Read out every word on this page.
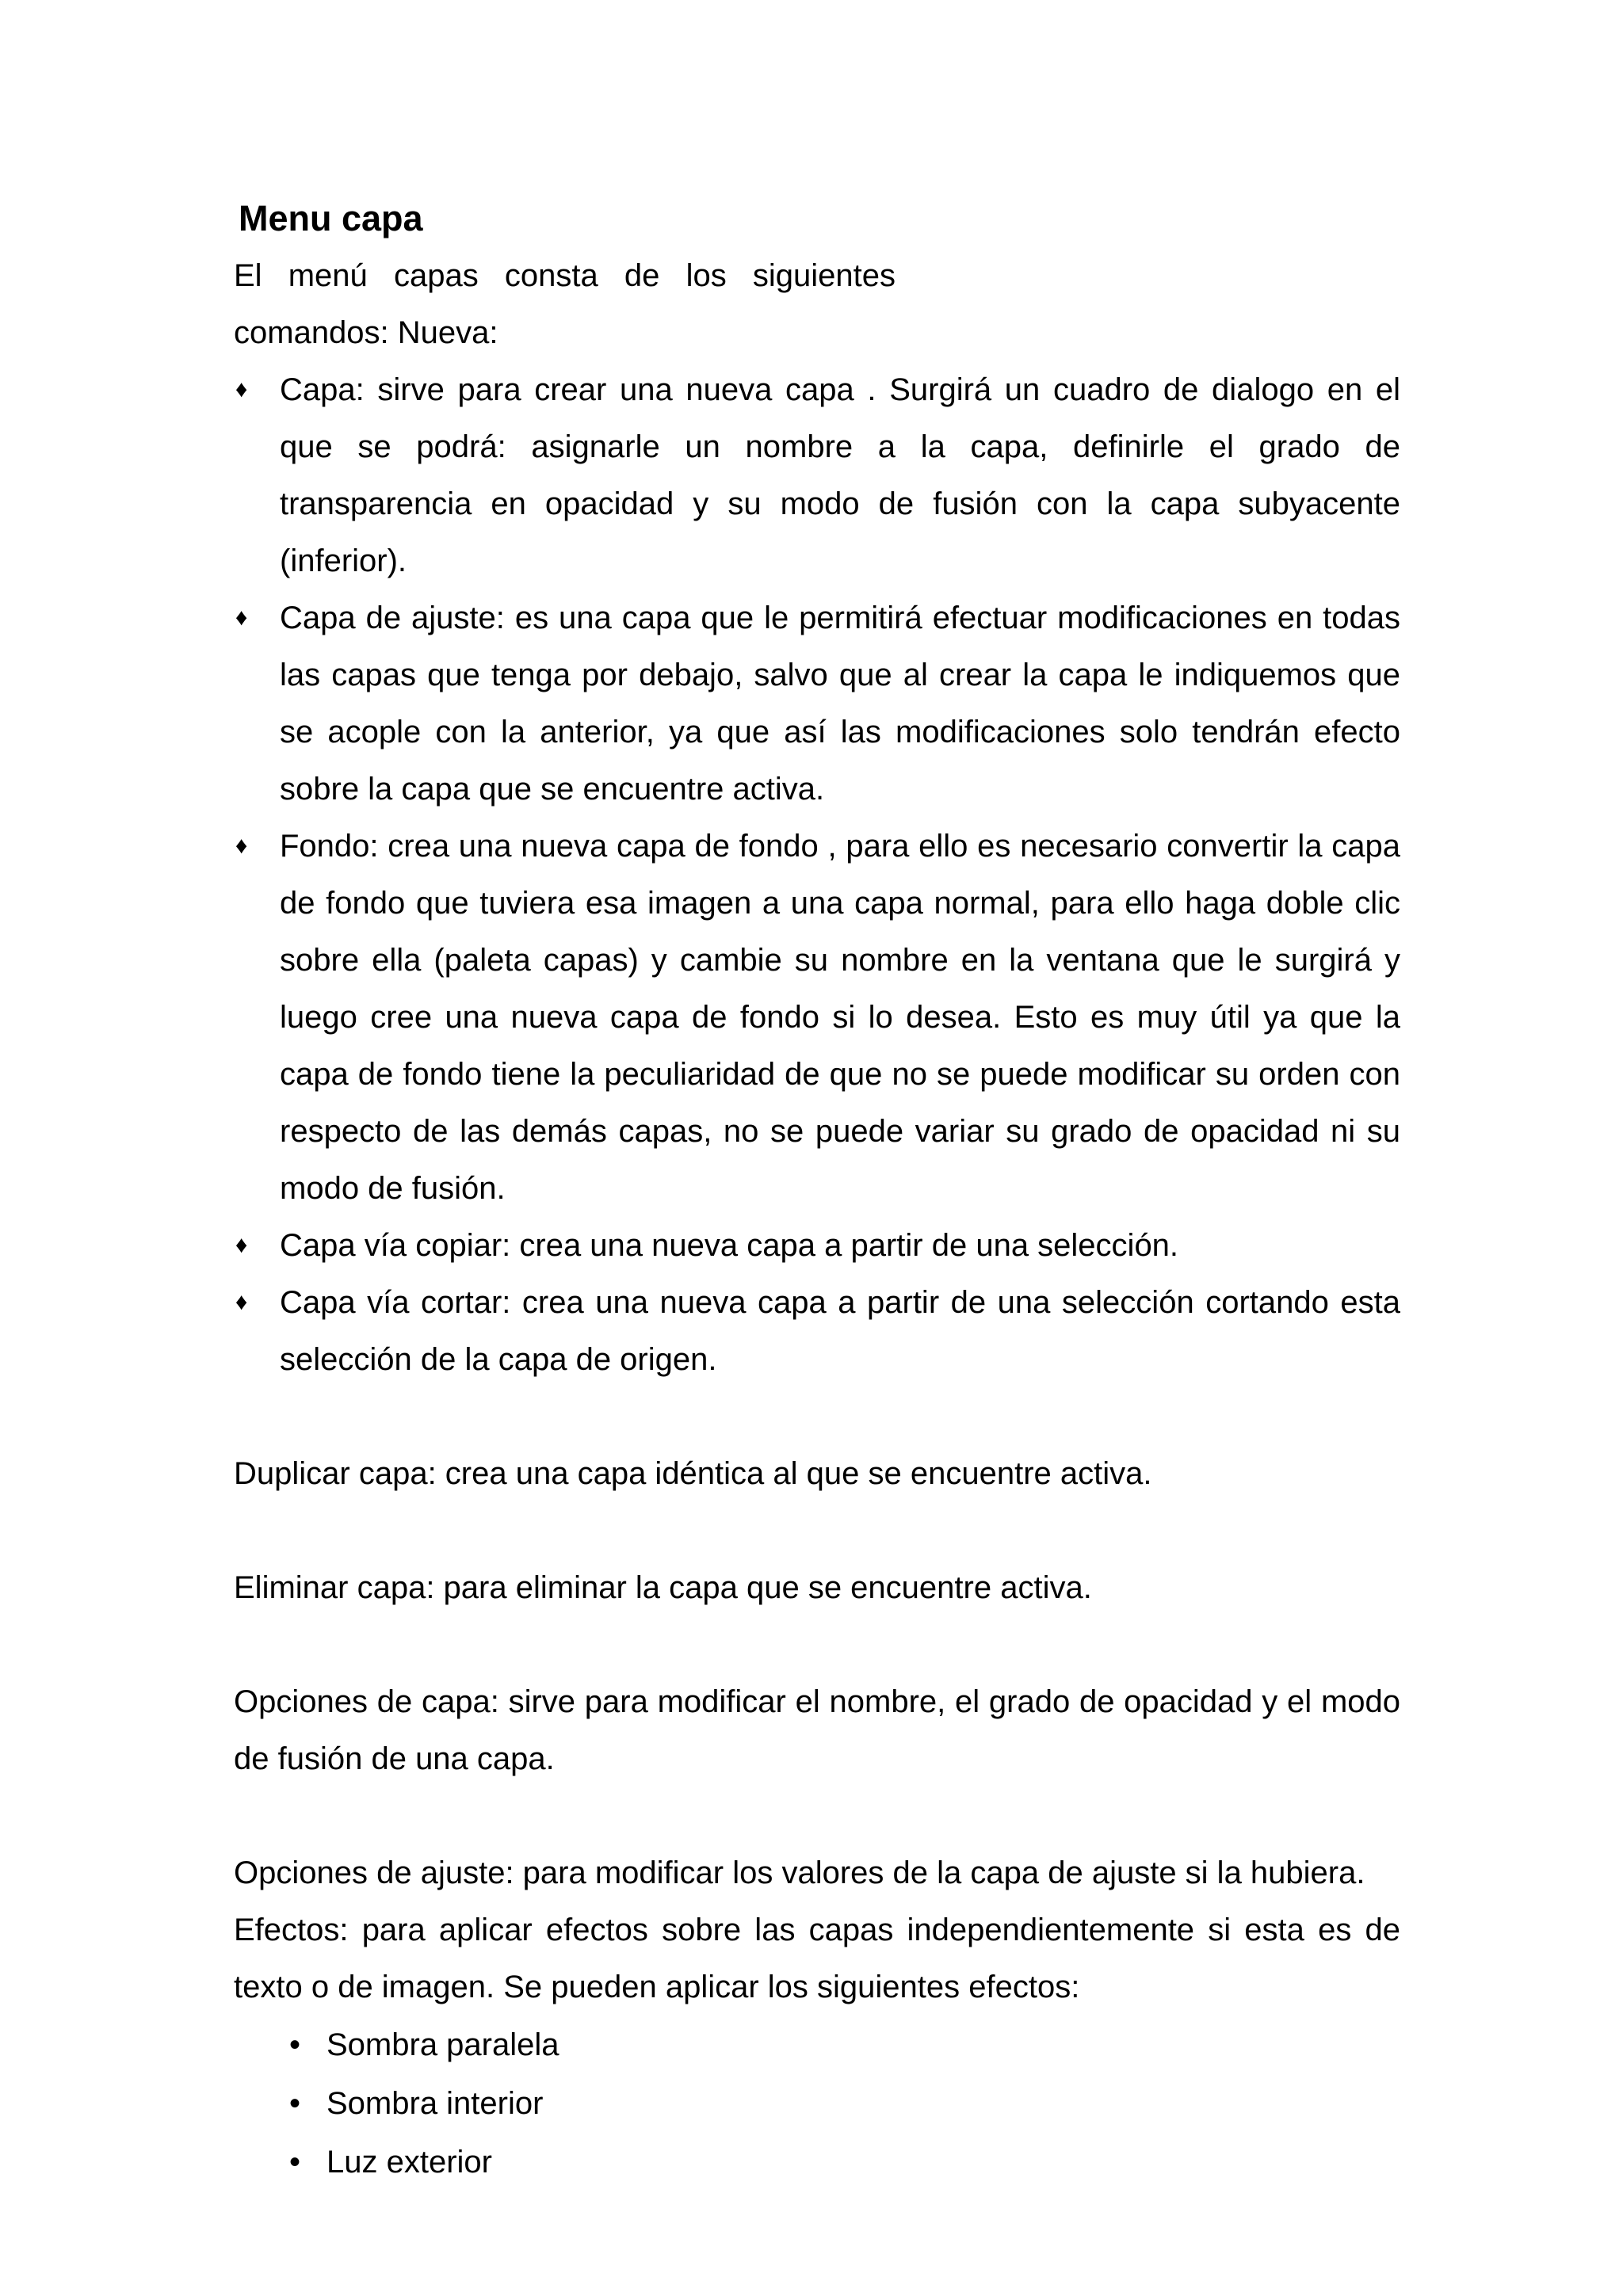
Menu capa
El menú capas consta de los siguientes
comandos: Nueva:
♦ Capa: sirve para crear una nueva capa . Surgirá un cuadro de dialogo en el que se podrá: asignarle un nombre a la capa, definirle el grado de transparencia en opacidad y su modo de fusión con la capa subyacente (inferior).
♦ Capa de ajuste: es una capa que le permitirá efectuar modificaciones en todas las capas que tenga por debajo, salvo que al crear la capa le indiquemos que se acople con la anterior, ya que así las modificaciones solo tendrán efecto sobre la capa que se encuentre activa.
♦ Fondo: crea una nueva capa de fondo , para ello es necesario convertir la capa de fondo que tuviera esa imagen a una capa normal, para ello haga doble clic sobre ella (paleta capas) y cambie su nombre en la ventana que le surgirá y luego cree una nueva capa de fondo si lo desea. Esto es muy útil ya que la capa de fondo tiene la peculiaridad de que no se puede modificar su orden con respecto de las demás capas, no se puede variar su grado de opacidad ni su modo de fusión.
♦ Capa vía copiar: crea una nueva capa a partir de una selección.
♦ Capa vía cortar: crea una nueva capa a partir de una selección cortando esta selección de la capa de origen.

Duplicar capa: crea una capa idéntica al que se encuentre activa.

Eliminar capa: para eliminar la capa que se encuentre activa.

Opciones de capa: sirve para modificar el nombre, el grado de opacidad y el modo de fusión de una capa.

Opciones de ajuste: para modificar los valores de la capa de ajuste si la hubiera.

Efectos: para aplicar efectos sobre las capas independientemente si esta es de texto o de imagen. Se pueden aplicar los siguientes efectos:

• Sombra paralela
• Sombra interior
• Luz exterior
